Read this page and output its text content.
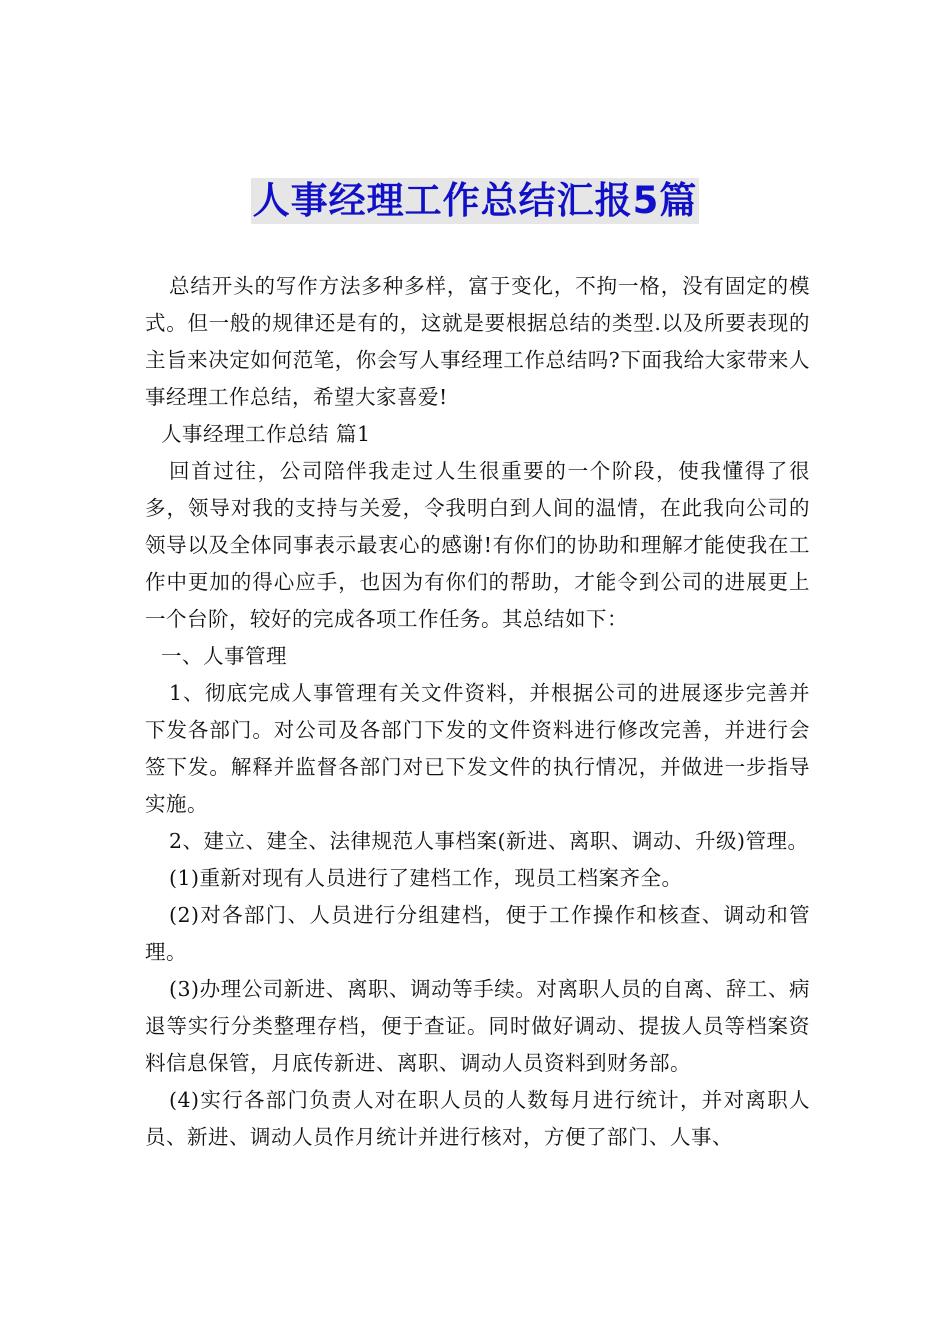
人事经理工作总结汇报5篇

总结开头的写作方法多种多样，富于变化，不拘一格，没有固定的模式。但一般的规律还是有的，这就是要根据总结的类型.以及所要表现的主旨来决定如何范笔，你会写人事经理工作总结吗?下面我给大家带来人事经理工作总结，希望大家喜爱!

人事经理工作总结 篇1

回首过往，公司陪伴我走过人生很重要的一个阶段，使我懂得了很多，领导对我的支持与关爱，令我明白到人间的温情，在此我向公司的领导以及全体同事表示最衷心的感谢!有你们的协助和理解才能使我在工作中更加的得心应手，也因为有你们的帮助，才能令到公司的进展更上一个台阶，较好的完成各项工作任务。其总结如下：

一、人事管理

1、彻底完成人事管理有关文件资料，并根据公司的进展逐步完善并下发各部门。对公司及各部门下发的文件资料进行修改完善，并进行会签下发。解释并监督各部门对已下发文件的执行情况，并做进一步指导实施。

2、建立、建全、法律规范人事档案(新进、离职、调动、升级)管理。

(1)重新对现有人员进行了建档工作，现员工档案齐全。

(2)对各部门、人员进行分组建档，便于工作操作和核查、调动和管理。

(3)办理公司新进、离职、调动等手续。对离职人员的自离、辞工、病退等实行分类整理存档，便于查证。同时做好调动、提拔人员等档案资料信息保管，月底传新进、离职、调动人员资料到财务部。

(4)实行各部门负责人对在职人员的人数每月进行统计，并对离职人员、新进、调动人员作月统计并进行核对，方便了部门、人事、
